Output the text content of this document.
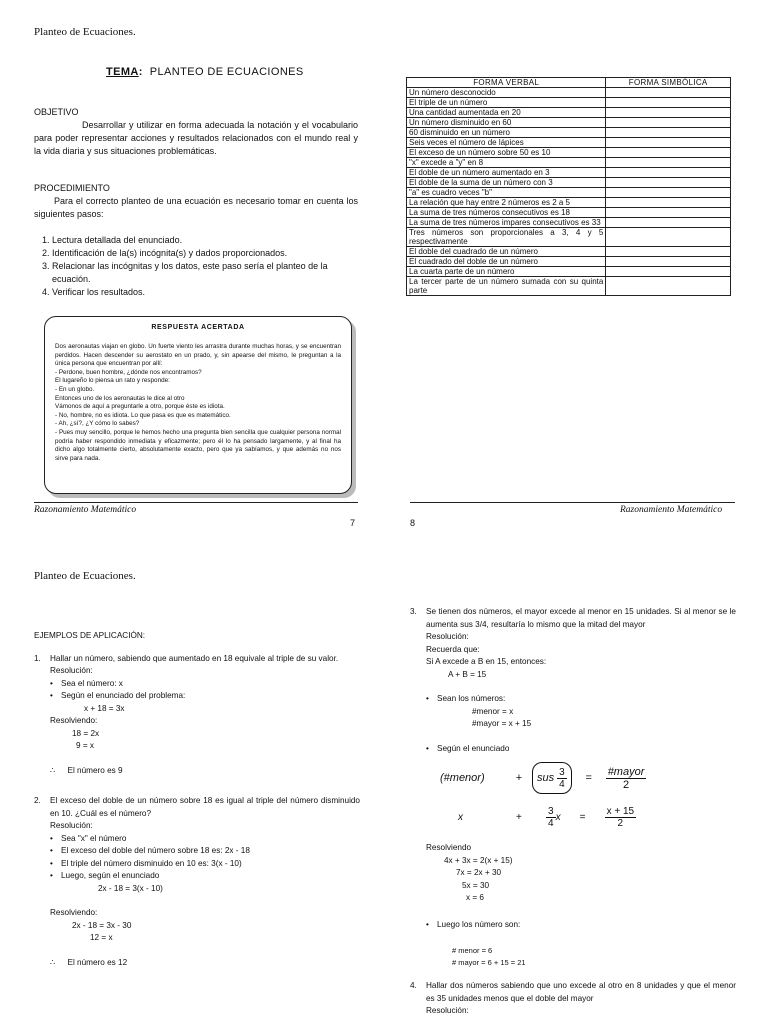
Planteo de Ecuaciones.
TEMA: PLANTEO DE ECUACIONES
OBJETIVO
Desarrollar y utilizar en forma adecuada la notación y el vocabulario para poder representar acciones y resultados relacionados con el mundo real y la vida diaria y sus situaciones problemáticas.
PROCEDIMIENTO
Para el correcto planteo de una ecuación es necesario tomar en cuenta los siguientes pasos:
1. Lectura detallada del enunciado.
2. Identificación de la(s) incógnita(s) y dados proporcionados.
3. Relacionar las incógnitas y los datos, este paso sería el planteo de la ecuación.
4. Verificar los resultados.
RESPUESTA ACERTADA
Dos aeronautas viajan en globo. Un fuerte viento les arrastra durante muchas horas, y se encuentran perdidos. Hacen descender su aerostato en un prado, y, sin apearse del mismo, le preguntan a la única persona que encuentran por allí:
- Perdone, buen hombre, ¿dónde nos encontramos?
El lugareño lo piensa un rato y responde:
- En un globo.
Entonces uno de los aeronautas le dice al otro
Vámonos de aquí a preguntarle a otro, porque éste es idiota.
- No, hombre, no es idiota. Lo que pasa es que es matemático.
- Ah, ¿sí?, ¿Y cómo lo sabes?
- Pues muy sencillo, porque le hemos hecho una pregunta bien sencilla que cualquier persona normal podría haber respondido inmediata y eficazmente; pero él lo ha pensado largamente, y al final ha dicho algo totalmente cierto, absolutamente exacto, pero que ya sabíamos, y que además no nos sirve para nada.
Razonamiento Matemático
7
FORMA VERBAL	FORMA SIMBÓLICA
Un número desconocido	
El triple de un número	
Una cantidad aumentada en 20	
Un número disminuido en 60	
60 disminuido en un número	
Seis veces el número de lápices	
El exceso de un número sobre 50 es 10	
"x" excede a "y" en 8	
El doble de un número aumentado en 3	
El doble de la suma de un número con 3	
"a" es cuadro veces "b"	
La relación que hay entre 2 números es 2 a 5	
La suma de tres números consecutivos es 18	
La suma de tres números impares consecutivos es 33	
Tres números son proporcionales a 3, 4 y 5 respectivamente	
El doble del cuadrado de un número	
El cuadrado del doble de un número	
La cuarta parte de un número	
La tercer parte de un número sumada con su quinta parte	
Razonamiento Matemático
8
Planteo de Ecuaciones.
EJEMPLOS DE APLICACIÓN:
1.	Hallar un número, sabiendo que aumentado en 18 equivale al triple de su valor.
Resolución:
• Sea el número: x
• Según el enunciado del problema:
x + 18 = 3x
Resolviendo:
18 = 2x
9 = x
∴ El número es 9
2.	El exceso del doble de un número sobre 18 es igual al triple del número disminuido en 10. ¿Cuál es el número?
Resolución:
• Sea "x" el número
• El exceso del doble del número sobre 18 es: 2x - 18
• El triple del número disminuido en 10 es: 3(x - 10)
• Luego, según el enunciado
2x - 18 = 3(x - 10)
Resolviendo:
2x - 18 = 3x - 30
12 = x
∴ El número es 12
3.	Se tienen dos números, el mayor excede al menor en 15 unidades. Si al menor se le aumenta sus 3/4, resultaría lo mismo que la mitad del mayor
Resolución:
Recuerda que:
Si A excede a B en 15, entonces:
A + B = 15
• Sean los números:
#menor = x
#mayor = x + 15
• Según el enunciado
(#menor)	+	sus $\frac{3}{4}$	=	$\frac{\text{\#mayor}}{2}$
x	+	$\frac{3}{4}$ x	=	$\frac{x + 15}{2}$
Resolviendo
4x + 3x = 2(x + 15)
7x = 2x + 30
5x = 30
x = 6
• Luego los número son:
# menor = 6
# mayor = 6 + 15 = 21
4.	Hallar dos números sabiendo que uno excede al otro en 8 unidades y que el menor es 35 unidades menos que el doble del mayor
Resolución:
